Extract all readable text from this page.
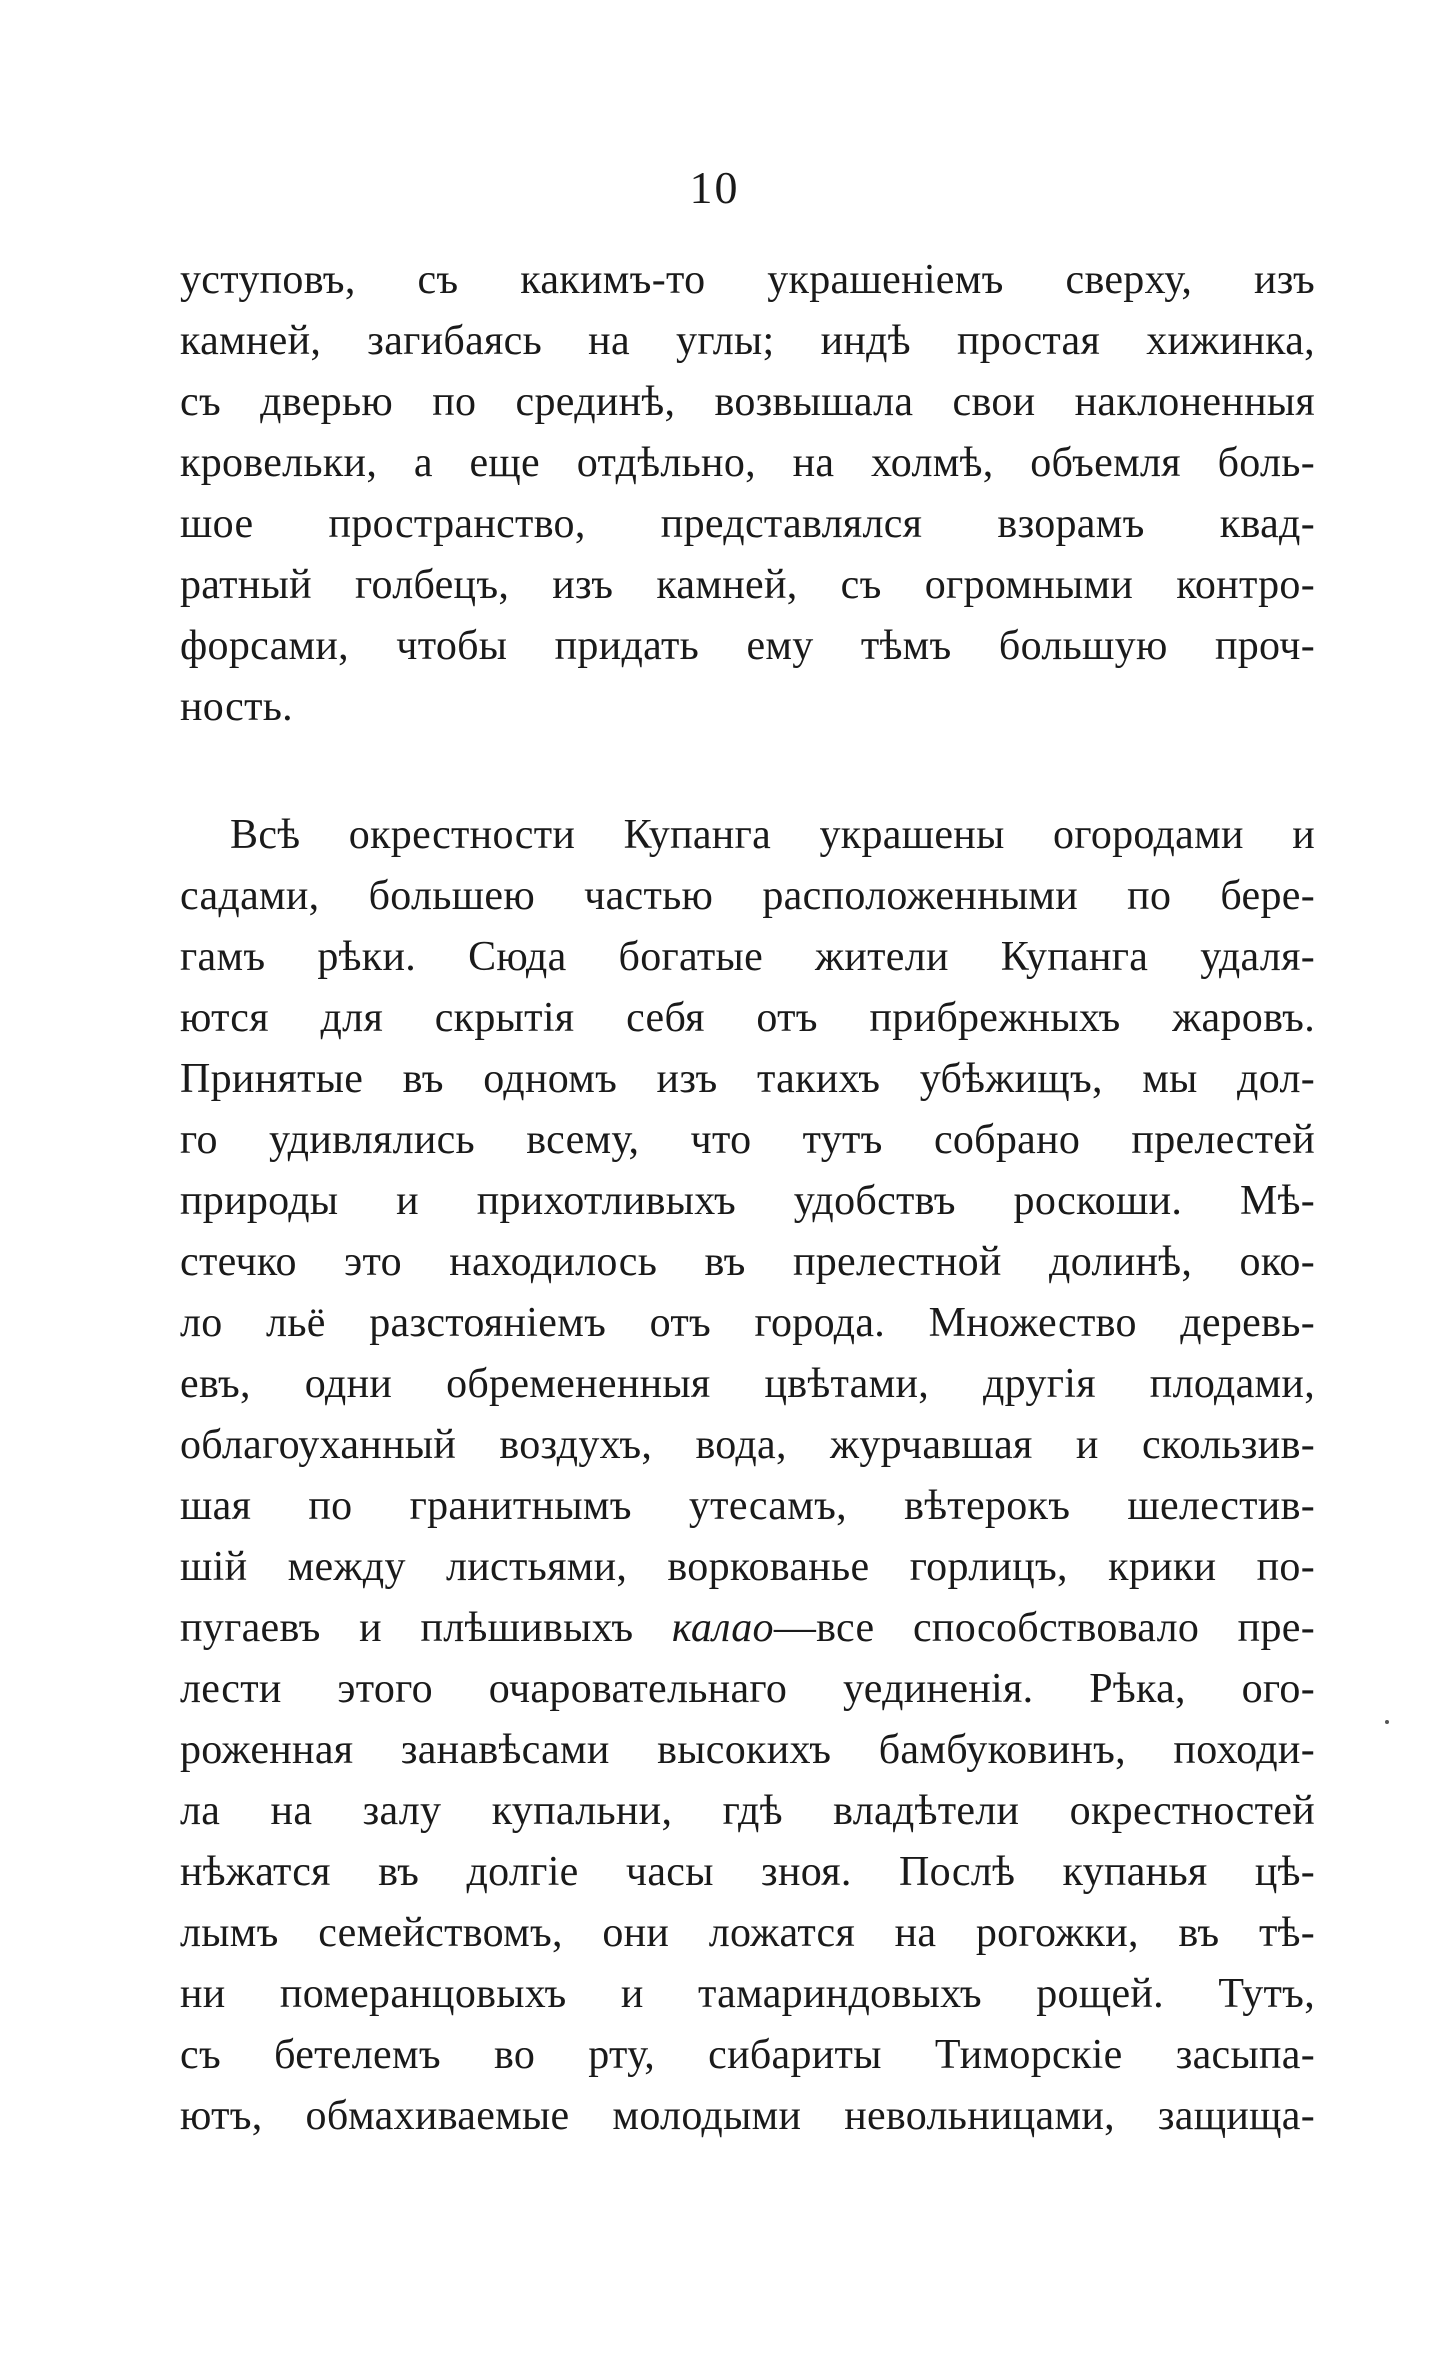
10
уступовъ, съ какимъ-то украшеніемъ сверху, изъ
камней, загибаясь на углы; индѣ простая хижинка,
съ дверью по срединѣ, возвышала свои наклоненныя
кровельки, а еще отдѣльно, на холмѣ, объемля боль-
шое пространство, представлялся взорамъ квад-
ратный голбецъ, изъ камней, съ огромными контро-
форсами, чтобы придать ему тѣмъ большую проч-
ность.
Всѣ окрестности Купанга украшены огородами и
садами, большею частью расположенными по бере-
гамъ рѣки. Сюда богатые жители Купанга удаля-
ются для скрытія себя отъ прибрежныхъ жаровъ.
Принятые въ одномъ изъ такихъ убѣжищъ, мы дол-
го удивлялись всему, что тутъ собрано прелестей
природы и прихотливыхъ удобствъ роскоши. Мѣ-
стечко это находилось въ прелестной долинѣ, око-
ло льё разстояніемъ отъ города. Множество деревь-
евъ, одни обремененныя цвѣтами, другія плодами,
облагоуханный воздухъ, вода, журчавшая и скользив-
шая по гранитнымъ утесамъ, вѣтерокъ шелестив-
шій между листьями, воркованье горлицъ, крики по-
пугаевъ и плѣшивыхъ калао—все способствовало пре-
лести этого очаровательнаго уединенія. Рѣка, ого-
роженная занавѣсами высокихъ бамбуковинъ, походи-
ла на залу купальни, гдѣ владѣтели окрестностей
нѣжатся въ долгіе часы зноя. Послѣ купанья цѣ-
лымъ семействомъ, они ложатся на рогожки, въ тѣ-
ни померанцовыхъ и тамариндовыхъ рощей. Тутъ,
съ бетелемъ во рту, сибариты Тиморскіе засыпа-
ютъ, обмахиваемые молодыми невольницами, защища-
